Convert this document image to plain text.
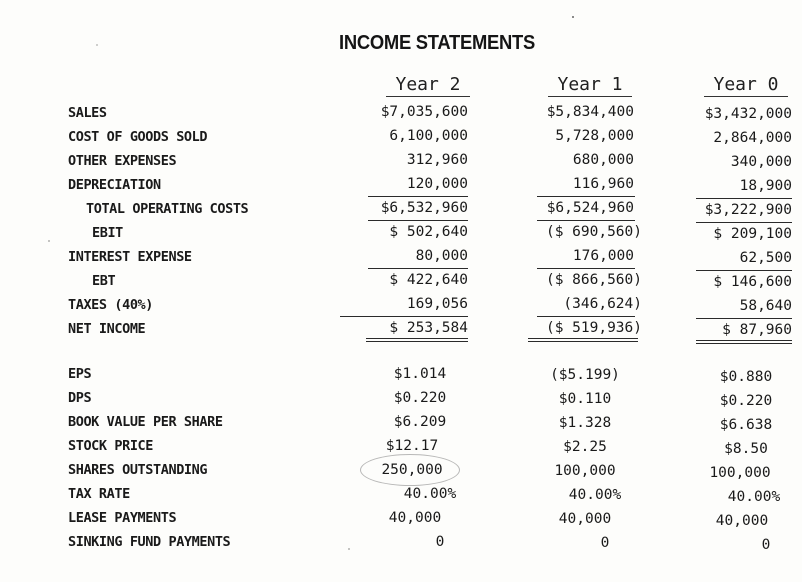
INCOME STATEMENTS
Year 2	Year 1	Year 0
SALES	$7,035,600	$5,834,400	$3,432,000
COST OF GOODS SOLD	6,100,000	5,728,000	2,864,000
OTHER EXPENSES	312,960	680,000	340,000
DEPRECIATION	120,000	116,960	18,900
TOTAL OPERATING COSTS	$6,532,960	$6,524,960	$3,222,900
EBIT	$ 502,640	($ 690,560)	$ 209,100
INTEREST EXPENSE	80,000	176,000	62,500
EBT	$ 422,640	($ 866,560)	$ 146,600
TAXES (40%)	169,056	(346,624)	58,640
NET INCOME	$ 253,584	($ 519,936)	$ 87,960
EPS	$1.014	($5.199)	$0.880
DPS	$0.220	$0.110	$0.220
BOOK VALUE PER SHARE	$6.209	$1.328	$6.638
STOCK PRICE	$12.17	$2.25	$8.50
SHARES OUTSTANDING	250,000	100,000	100,000
TAX RATE	40.00%	40.00%	40.00%
LEASE PAYMENTS	40,000	40,000	40,000
SINKING FUND PAYMENTS	0	0	0
